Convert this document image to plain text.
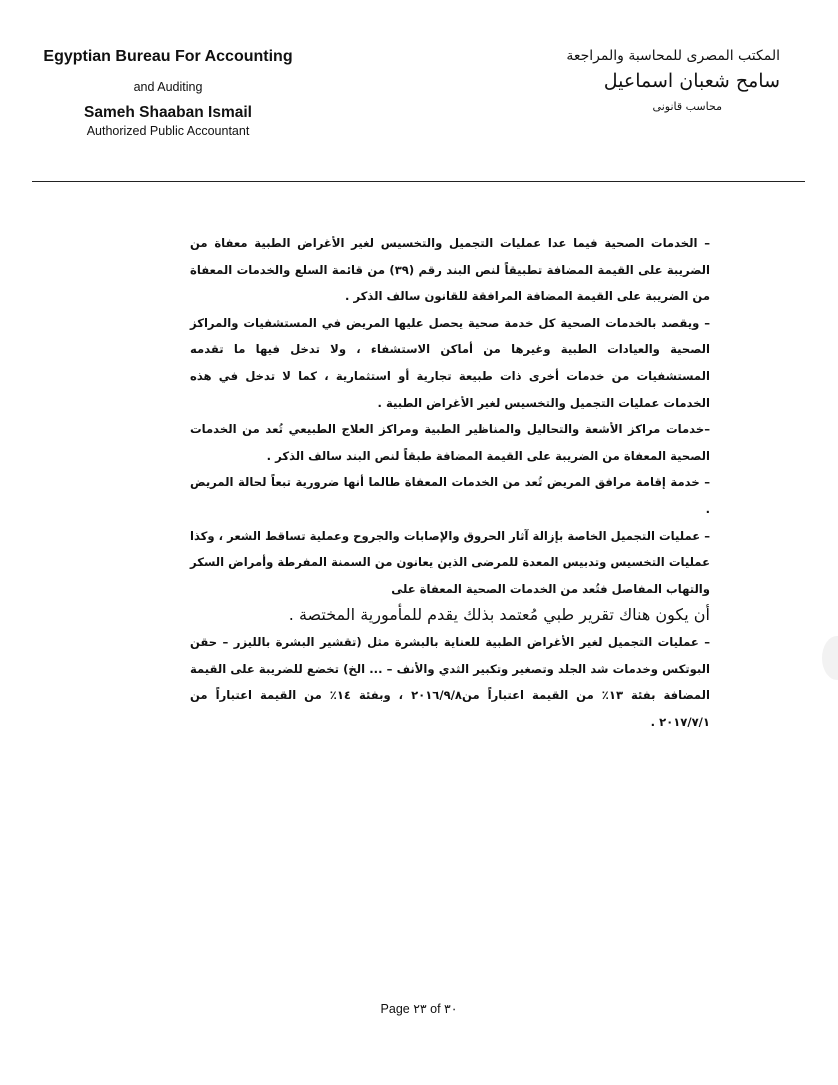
Egyptian Bureau For Accounting
and Auditing
Sameh Shaaban Ismail
Authorized Public Accountant
المكتب المصرى للمحاسبة والمراجعة
سامح شعبان اسماعيل
محاسب قانونى

– الخدمات الصحية فيما عدا عمليات التجميل والتخسيس لغير الأغراض الطبية معفاة من الضريبة على القيمة المضافة تطبيقاً لنص البند رقم (٣٩) من قائمة السلع والخدمات المعفاة من الضريبة على القيمة المضافة المرافقة للقانون سالف الذكر .

– ويقصد بالخدمات الصحية كل خدمة صحية يحصل عليها المريض في المستشفيات والمراكز الصحية والعيادات الطبية وغيرها من أماكن الاستشفاء ، ولا تدخل فيها ما تقدمه المستشفيات من خدمات أخرى ذات طبيعة تجارية أو استثمارية ، كما لا تدخل في هذه الخدمات عمليات التجميل والتخسيس لغير الأغراض الطبية .

–خدمات مراكز الأشعة والتحاليل والمناظير الطبية ومراكز العلاج الطبيعي تُعد من الخدمات الصحية المعفاة من الضريبة على القيمة المضافة طبقاً لنص البند سالف الذكر .

– خدمة إقامة مرافق المريض تُعد من الخدمات المعفاة طالما أنها ضرورية تبعاً لحالة المريض .

– عمليات التجميل الخاصة بإزالة آثار الحروق والإصابات والجروح وعملية تساقط الشعر ، وكذا عمليات التخسيس وتدبيس المعدة للمرضى الذين يعانون من السمنة المفرطة وأمراض السكر والتهاب المفاصل فتُعد من الخدمات الصحية المعفاة على

أن يكون هناك تقرير طبي مُعتمد بذلك يقدم للمأمورية المختصة .

– عمليات التجميل لغير الأغراض الطبية للعناية بالبشرة مثل (تقشير البشرة بالليزر – حقن البوتكس وخدمات شد الجلد وتصغير وتكبير الثدي والأنف – ... الخ) تخضع للضريبة على القيمة المضافة بفئة ١٣٪ من القيمة اعتباراً من٢٠١٦/٩/٨ ، وبفئة ١٤٪ من القيمة اعتباراً من ٢٠١٧/٧/١ .

Page ٢٣ of ٣٠
